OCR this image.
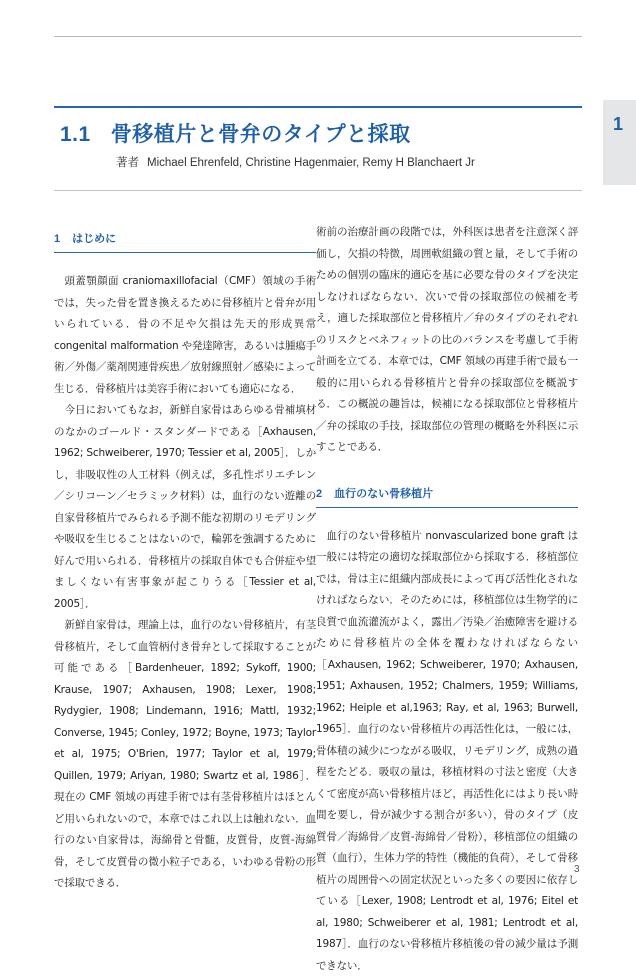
1
1.1 骨移植片と骨弁のタイプと採取
著者 Michael Ehrenfeld, Christine Hagenmaier, Remy H Blanchaert Jr
1 はじめに

頭蓋顎顔面 craniomaxillofacial（CMF）領域の手術では，失った骨を置き換えるために骨移植片と骨弁が用いられている．骨の不足や欠損は先天的形成異常 congenital malformation や発達障害，あるいは腫瘍手術／外傷／薬剤関連骨疾患／放射線照射／感染によって生じる．骨移植片は美容手術においても適応になる．

今日においてもなお，新鮮自家骨はあらゆる骨補填材のなかのゴールド・スタンダードである［Axhausen, 1962; Schweiberer, 1970; Tessier et al, 2005］．しかし，非吸収性の人工材料（例えば，多孔性ポリエチレン／シリコーン／セラミック材料）は，血行のない遊離の自家骨移植片でみられる予測不能な初期のリモデリングや吸収を生じることはないので，輪郭を強調するために好んで用いられる．骨移植片の採取自体でも合併症や望ましくない有害事象が起こりうる［Tessier et al, 2005］．

新鮮自家骨は，理論上は，血行のない骨移植片，有茎骨移植片，そして血管柄付き骨弁として採取することが可能である［Bardenheuer, 1892; Sykoff, 1900; Krause, 1907; Axhausen, 1908; Lexer, 1908; Rydygier, 1908; Lindemann, 1916; Mattl, 1932; Converse, 1945; Conley, 1972; Boyne, 1973; Taylor et al, 1975; O'Brien, 1977; Taylor et al, 1979; Quillen, 1979; Ariyan, 1980; Swartz et al, 1986］．現在の CMF 領域の再建手術では有茎骨移植片はほとんど用いられないので，本章ではこれ以上は触れない．血行のない自家骨は，海綿骨と骨髄，皮質骨，皮質-海綿骨，そして皮質骨の微小粒子である，いわゆる骨粉の形で採取できる．

術前の治療計画の段階では，外科医は患者を注意深く評価し，欠損の特徴，周囲軟組織の質と量，そして手術のための個別の臨床的適応を基に必要な骨のタイプを決定しなければならない．次いで骨の採取部位の候補を考え，適した採取部位と骨移植片／弁のタイプのそれぞれのリスクとベネフィットの比のバランスを考慮して手術計画を立てる．本章では，CMF 領域の再建手術で最も一般的に用いられる骨移植片と骨弁の採取部位を概説する．この概説の趣旨は，候補になる採取部位と骨移植片／弁の採取の手技，採取部位の管理の概略を外科医に示すことである．

2 血行のない骨移植片

血行のない骨移植片 nonvascularized bone graft は一般には特定の適切な採取部位から採取する．移植部位では，骨は主に組織内部成長によって再び活性化されなければならない．そのためには，移植部位は生物学的に良質で血流灌流がよく，露出／汚染／治癒障害を避けるために骨移植片の全体を覆わなければならない［Axhausen, 1962; Schweiberer, 1970; Axhausen, 1951; Axhausen, 1952; Chalmers, 1959; Williams, 1962; Heiple et al,1963; Ray, et al, 1963; Burwell, 1965］．血行のない骨移植片の再活性化は，一般には，骨体積の減少につながる吸収，リモデリング，成熟の過程をたどる．吸収の量は，移植材料の寸法と密度（大きくて密度が高い骨移植片ほど，再活性化にはより長い時間を要し，骨が減少する割合が多い），骨のタイプ（皮質骨／海綿骨／皮質-海綿骨／骨粉），移植部位の組織の質（血行），生体力学的特性（機能的負荷），そして骨移植片の周囲骨への固定状況といった多くの要因に依存している［Lexer, 1908; Lentrodt et al, 1976; Eitel et al, 1980; Schweiberer et al, 1981; Lentrodt et al, 1987］．血行のない骨移植片移植後の骨の減少量は予測できない．

3
